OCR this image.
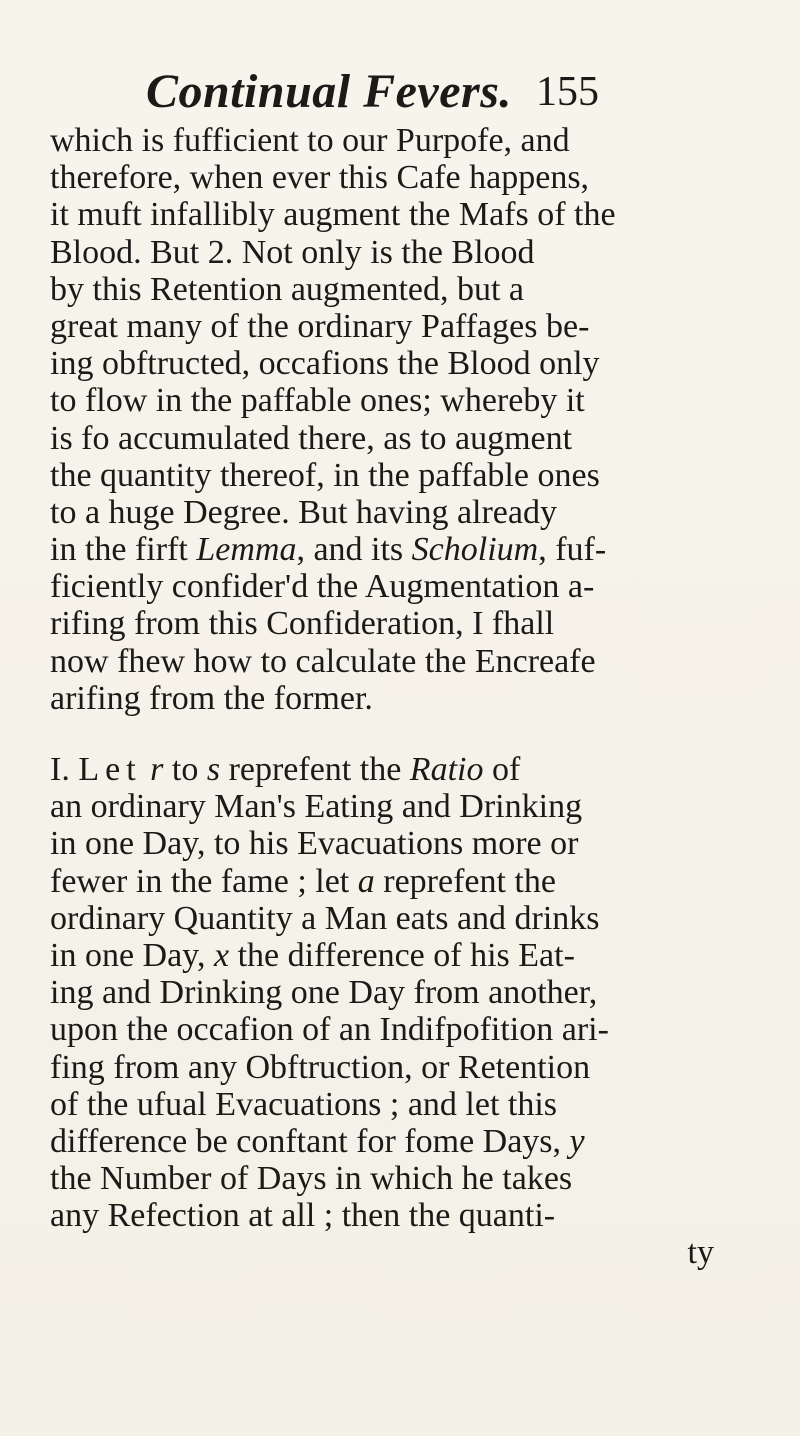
Continual Fevers. 155
which is fufficient to our Purpofe, and
therefore, when ever this Cafe happens,
it muft infallibly augment the Mafs of the
Blood. But 2. Not only is the Blood
by this Retention augmented, but a
great many of the ordinary Paffages be-
ing obftructed, occafions the Blood only
to flow in the paffable ones; whereby it
is fo accumulated there, as to augment
the quantity thereof, in the paffable ones
to a huge Degree. But having already
in the firft Lemma, and its Scholium, fuf-
ficiently confider'd the Augmentation a-
rifing from this Confideration, I fhall
now fhew how to calculate the Encreafe
arifing from the former.
I. Let r to s reprefent the Ratio of
an ordinary Man's Eating and Drinking
in one Day, to his Evacuations more or
fewer in the fame ; let a reprefent the
ordinary Quantity a Man eats and drinks
in one Day, x the difference of his Eat-
ing and Drinking one Day from another,
upon the occafion of an Indifpofition ari-
fing from any Obftruction, or Retention
of the ufual Evacuations ; and let this
difference be conftant for fome Days, y
the Number of Days in which he takes
any Refection at all ; then the quanti-
ty
